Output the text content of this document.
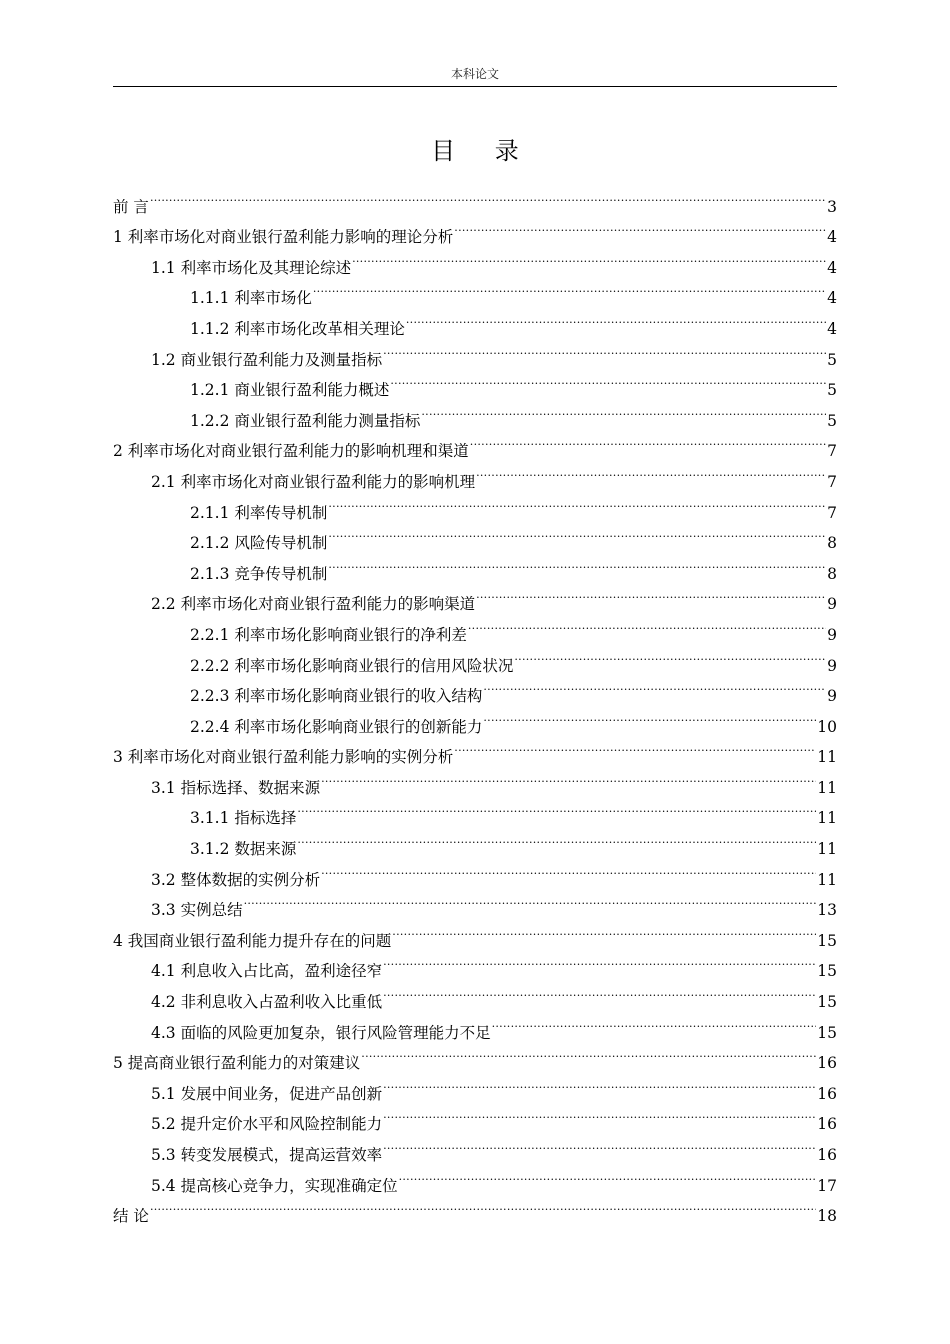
本科论文
目 录
前 言 .....	3
1 利率市场化对商业银行盈利能力影响的理论分析 .....	4
1.1 利率市场化及其理论综述 .....	4
1.1.1 利率市场化 .....	4
1.1.2 利率市场化改革相关理论 .....	4
1.2 商业银行盈利能力及测量指标 .....	5
1.2.1 商业银行盈利能力概述 .....	5
1.2.2 商业银行盈利能力测量指标 .....	5
2 利率市场化对商业银行盈利能力的影响机理和渠道 .....	7
2.1 利率市场化对商业银行盈利能力的影响机理 .....	7
2.1.1 利率传导机制 .....	7
2.1.2 风险传导机制 .....	8
2.1.3 竞争传导机制 .....	8
2.2 利率市场化对商业银行盈利能力的影响渠道 .....	9
2.2.1 利率市场化影响商业银行的净利差 .....	9
2.2.2 利率市场化影响商业银行的信用风险状况 .....	9
2.2.3 利率市场化影响商业银行的收入结构 .....	9
2.2.4 利率市场化影响商业银行的创新能力 .....	10
3 利率市场化对商业银行盈利能力影响的实例分析 .....	11
3.1 指标选择、数据来源 .....	11
3.1.1 指标选择 .....	11
3.1.2 数据来源 .....	11
3.2 整体数据的实例分析 .....	11
3.3 实例总结 .....	13
4 我国商业银行盈利能力提升存在的问题 .....	15
4.1 利息收入占比高，盈利途径窄 .....	15
4.2 非利息收入占盈利收入比重低 .....	15
4.3 面临的风险更加复杂，银行风险管理能力不足 .....	15
5 提高商业银行盈利能力的对策建议 .....	16
5.1 发展中间业务，促进产品创新 .....	16
5.2 提升定价水平和风险控制能力 .....	16
5.3 转变发展模式，提高运营效率 .....	16
5.4 提高核心竞争力，实现准确定位 .....	17
结 论 .....	18
